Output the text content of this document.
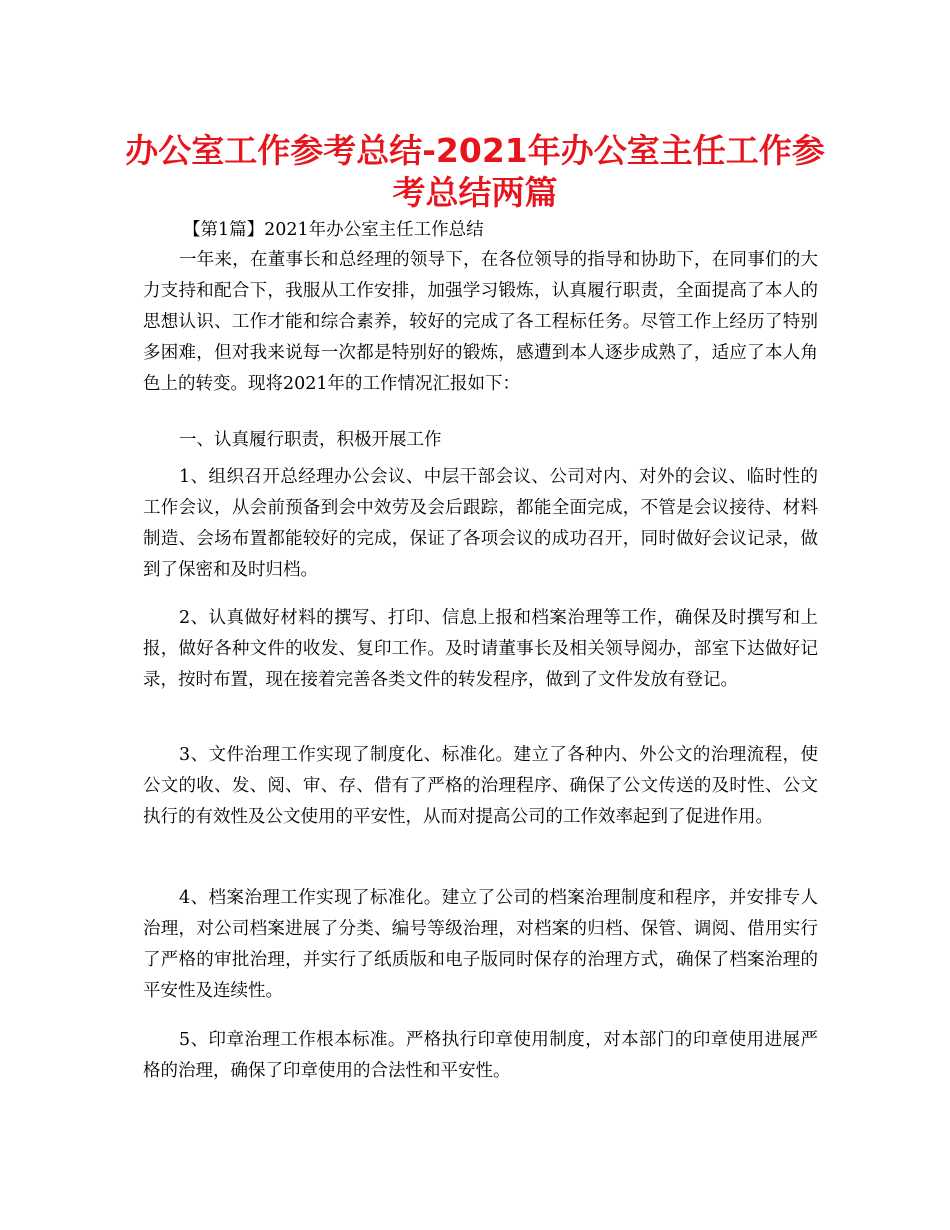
办公室工作参考总结-2021年办公室主任工作参
考总结两篇

【第1篇】2021年办公室主任工作总结

一年来，在董事长和总经理的领导下，在各位领导的指导和协助下，在同事们的大力支持和配合下，我服从工作安排，加强学习锻炼，认真履行职责，全面提高了本人的思想认识、工作才能和综合素养，较好的完成了各工程标任务。尽管工作上经历了特别多困难，但对我来说每一次都是特别好的锻炼，感遭到本人逐步成熟了，适应了本人角色上的转变。现将2021年的工作情况汇报如下：

一、认真履行职责，积极开展工作

1、组织召开总经理办公会议、中层干部会议、公司对内、对外的会议、临时性的工作会议，从会前预备到会中效劳及会后跟踪，都能全面完成，不管是会议接待、材料制造、会场布置都能较好的完成，保证了各项会议的成功召开，同时做好会议记录，做到了保密和及时归档。

2、认真做好材料的撰写、打印、信息上报和档案治理等工作，确保及时撰写和上报，做好各种文件的收发、复印工作。及时请董事长及相关领导阅办，部室下达做好记录，按时布置，现在接着完善各类文件的转发程序，做到了文件发放有登记。

3、文件治理工作实现了制度化、标准化。建立了各种内、外公文的治理流程，使公文的收、发、阅、审、存、借有了严格的治理程序、确保了公文传送的及时性、公文执行的有效性及公文使用的平安性，从而对提高公司的工作效率起到了促进作用。

4、档案治理工作实现了标准化。建立了公司的档案治理制度和程序，并安排专人治理，对公司档案进展了分类、编号等级治理，对档案的归档、保管、调阅、借用实行了严格的审批治理，并实行了纸质版和电子版同时保存的治理方式，确保了档案治理的平安性及连续性。

5、印章治理工作根本标准。严格执行印章使用制度，对本部门的印章使用进展严格的治理，确保了印章使用的合法性和平安性。
